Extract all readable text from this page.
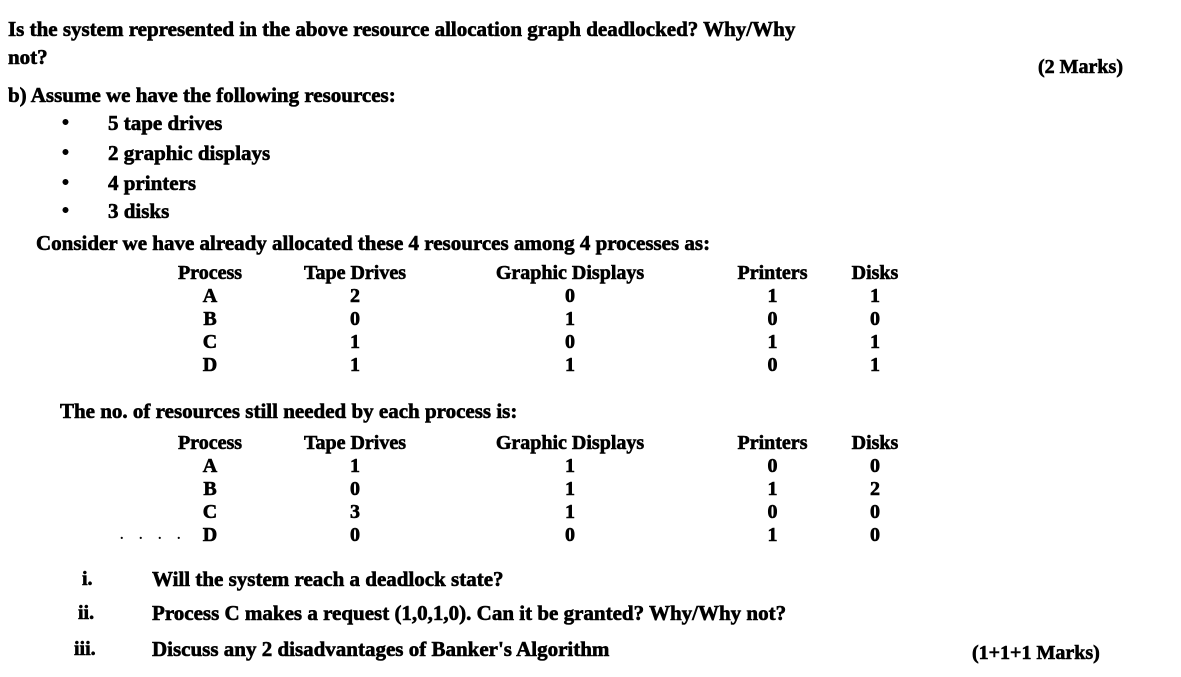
Is the system represented in the above resource allocation graph deadlocked? Why/Why
not?	(2 Marks)
b) Assume we have the following resources:
• 5 tape drives
• 2 graphic displays
• 4 printers
• 3 disks
Consider we have already allocated these 4 resources among 4 processes as:
Process	Tape Drives	Graphic Displays	Printers	Disks
A	2	0	1	1
B	0	1	0	0
C	1	0	1	1
D	1	1	0	1
The no. of resources still needed by each process is:
Process	Tape Drives	Graphic Displays	Printers	Disks
A	1	1	0	0
B	0	1	1	2
C	3	1	0	0
D	0	0	1	0
. . . .
i.	Will the system reach a deadlock state?
ii.	Process C makes a request (1,0,1,0). Can it be granted? Why/Why not?
iii.	Discuss any 2 disadvantages of Banker's Algorithm	(1+1+1 Marks)
